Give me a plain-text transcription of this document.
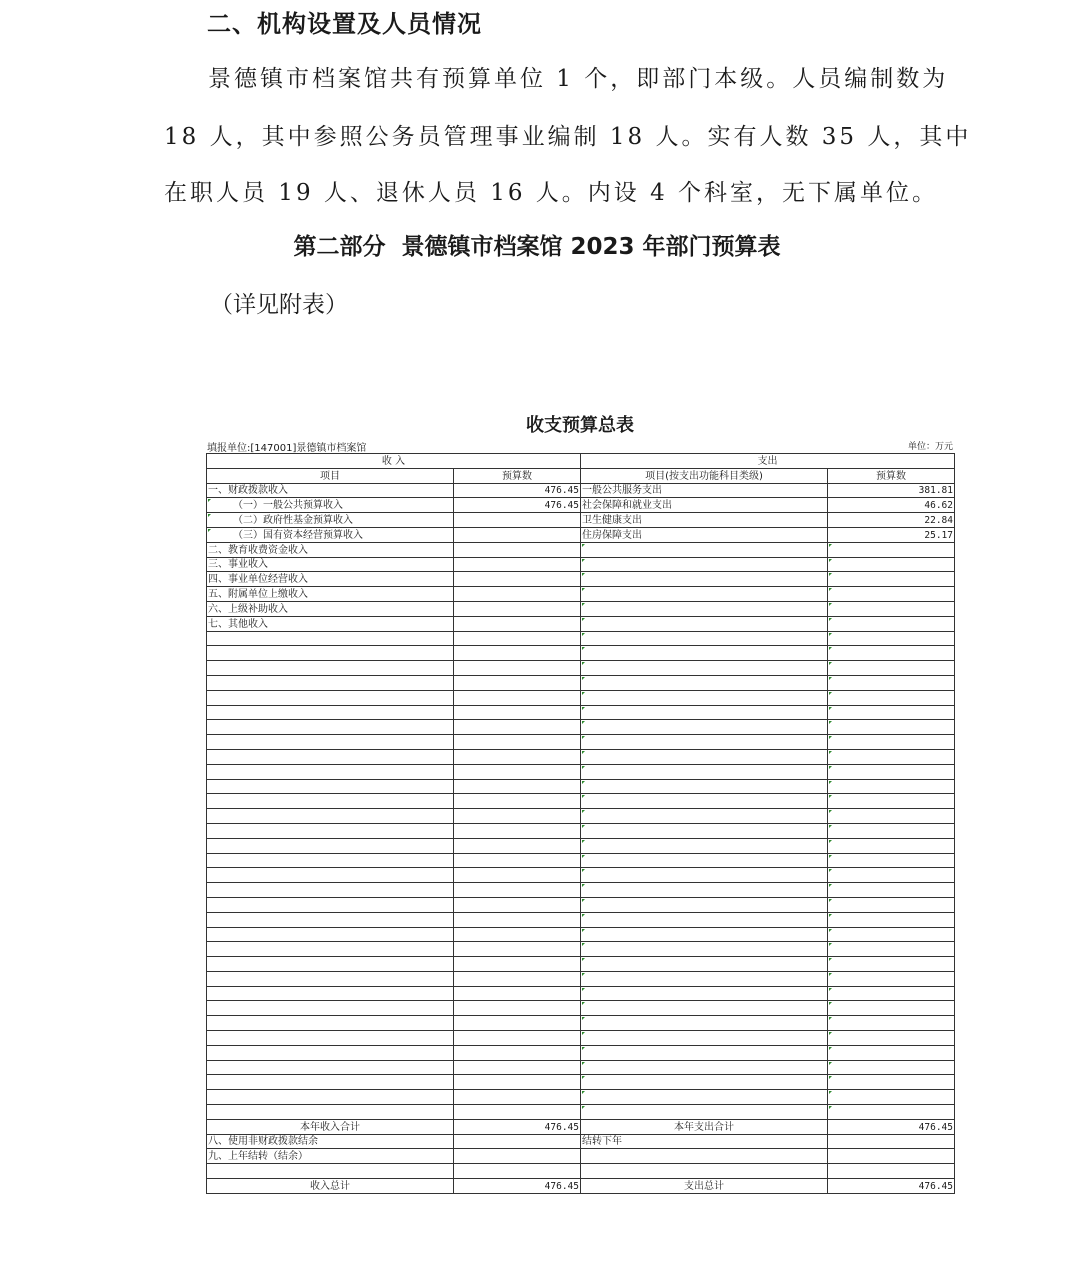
二、机构设置及人员情况
景德镇市档案馆共有预算单位 1 个，即部门本级。人员编制数为
18 人，其中参照公务员管理事业编制 18 人。实有人数 35 人，其中
在职人员 19 人、退休人员 16 人。内设 4 个科室，无下属单位。
第二部分 景德镇市档案馆 2023 年部门预算表
（详见附表）
收支预算总表
填报单位:[147001]景德镇市档案馆	单位：万元
收 入		支出	
项目	预算数	项目(按支出功能科目类级)	预算数
一、财政拨款收入	476.45	一般公共服务支出	381.81
（一）一般公共预算收入	476.45	社会保障和就业支出	46.62
（二）政府性基金预算收入		卫生健康支出	22.84
（三）国有资本经营预算收入		住房保障支出	25.17
二、教育收费资金收入			
三、事业收入			
四、事业单位经营收入			
五、附属单位上缴收入			
六、上级补助收入			
七、其他收入			

本年收入合计	476.45	本年支出合计	476.45
八、使用非财政拨款结余		结转下年	
九、上年结转（结余）			

收入总计	476.45	支出总计	476.45
